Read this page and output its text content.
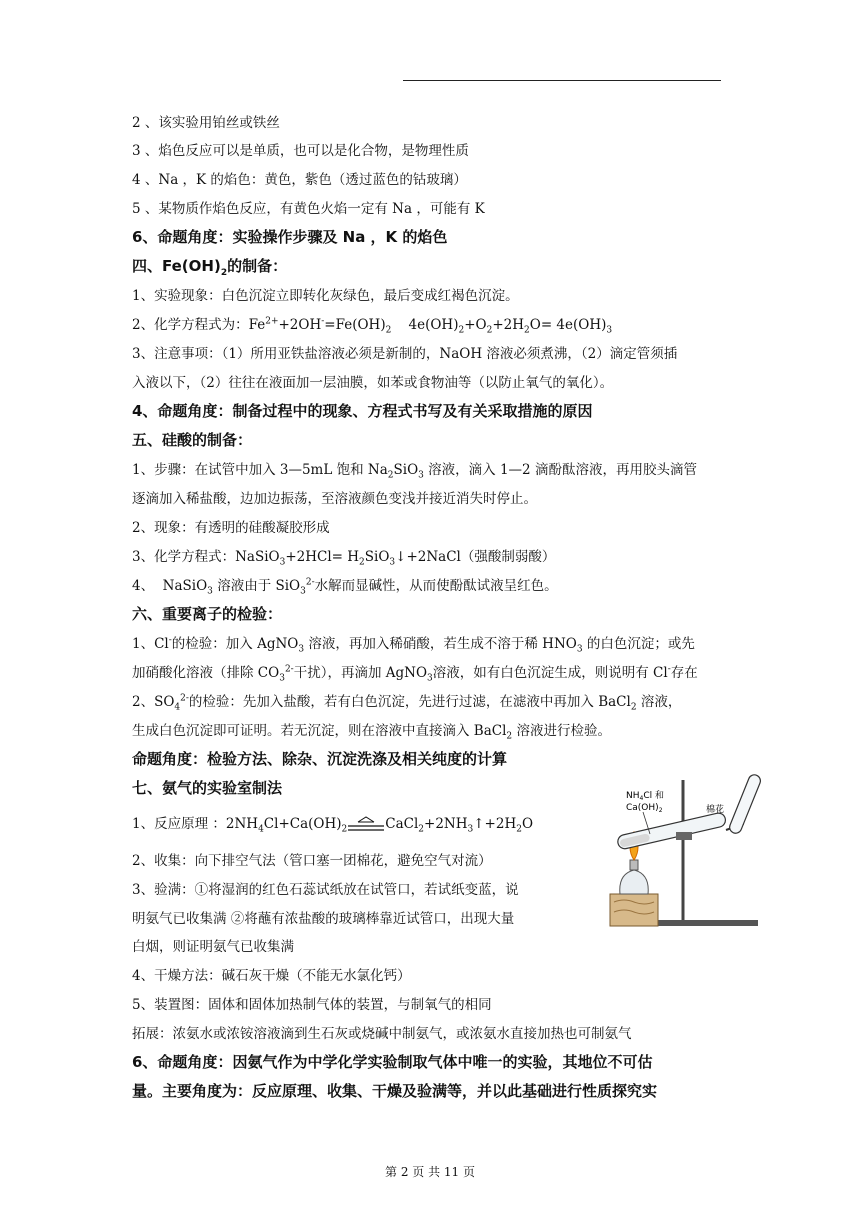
2 、该实验用铂丝或铁丝
3 、焰色反应可以是单质，也可以是化合物，是物理性质
4 、Na ，K 的焰色：黄色，紫色（透过蓝色的钴玻璃）
5 、某物质作焰色反应，有黄色火焰一定有 Na ，可能有 K
6、命题角度：实验操作步骤及 Na ，K 的焰色
四、$Fe(OH)_2$的制备：
1、实验现象：白色沉淀立即转化灰绿色，最后变成红褐色沉淀。
2、化学方程式为：$Fe^{2+}+2OH^-=Fe(OH)_2$    $4e(OH)_2+O_2+2H_2O= 4e(OH)_3$
3、注意事项：（1）所用亚铁盐溶液必须是新制的，NaOH 溶液必须煮沸，（2）滴定管须插
入液以下，（2）往往在液面加一层油膜，如苯或食物油等（以防止氧气的氧化）。
4、命题角度：制备过程中的现象、方程式书写及有关采取措施的原因
五、硅酸的制备：
1、步骤：在试管中加入 3—5mL 饱和 $Na_2SiO_3$ 溶液，滴入 1—2 滴酚酞溶液，再用胶头滴管
逐滴加入稀盐酸，边加边振荡，至溶液颜色变浅并接近消失时停止。
2、现象：有透明的硅酸凝胶形成
3、化学方程式：NaSiO$_3$+2HCl= $H_2SiO_3↓+2NaCl$（强酸制弱酸）
4、  NaSiO$_3$ 溶液由于 SiO$_3^{2-}$水解而显碱性，从而使酚酞试液呈红色。
六、重要离子的检验：
1、Cl-的检验：加入 AgNO$_3$ 溶液，再加入稀硝酸，若生成不溶于稀 $HNO_3$ 的白色沉淀；或先
加硝酸化溶液（排除 $CO_3^{2-}$干扰），再滴加 AgNO$_3$溶液，如有白色沉淀生成，则说明有 Cl-存在
2、$SO_4^{2-}$的检验：先加入盐酸，若有白色沉淀，先进行过滤，在滤液中再加入 BaCl$_2$ 溶液，
生成白色沉淀即可证明。若无沉淀，则在溶液中直接滴入 BaCl$_2$ 溶液进行检验。
命题角度：检验方法、除杂、沉淀洗涤及相关纯度的计算
七、氨气的实验室制法
1、反应原理 ：$2NH_4Cl+Ca(OH)_2$	$CaCl_2+2NH_3↑+2H_2O$
2、收集：向下排空气法（管口塞一团棉花，避免空气对流）
3、验满：①将湿润的红色石蕊试纸放在试管口，若试纸变蓝，说
明氨气已收集满 ②将蘸有浓盐酸的玻璃棒靠近试管口，出现大量
白烟，则证明氨气已收集满
4、干燥方法：碱石灰干燥（不能无水氯化钙）
5、装置图：固体和固体加热制气体的装置，与制氧气的相同
拓展：浓氨水或浓铵溶液滴到生石灰或烧碱中制氨气，或浓氨水直接加热也可制氨气
6、命题角度：因氨气作为中学化学实验制取气体中唯一的实验，其地位不可估
量。主要角度为：反应原理、收集、干燥及验满等，并以此基础进行性质探究实
$NH_4Cl$ 和
$Ca(OH)_2$	棉花
第 2 页 共 11 页
